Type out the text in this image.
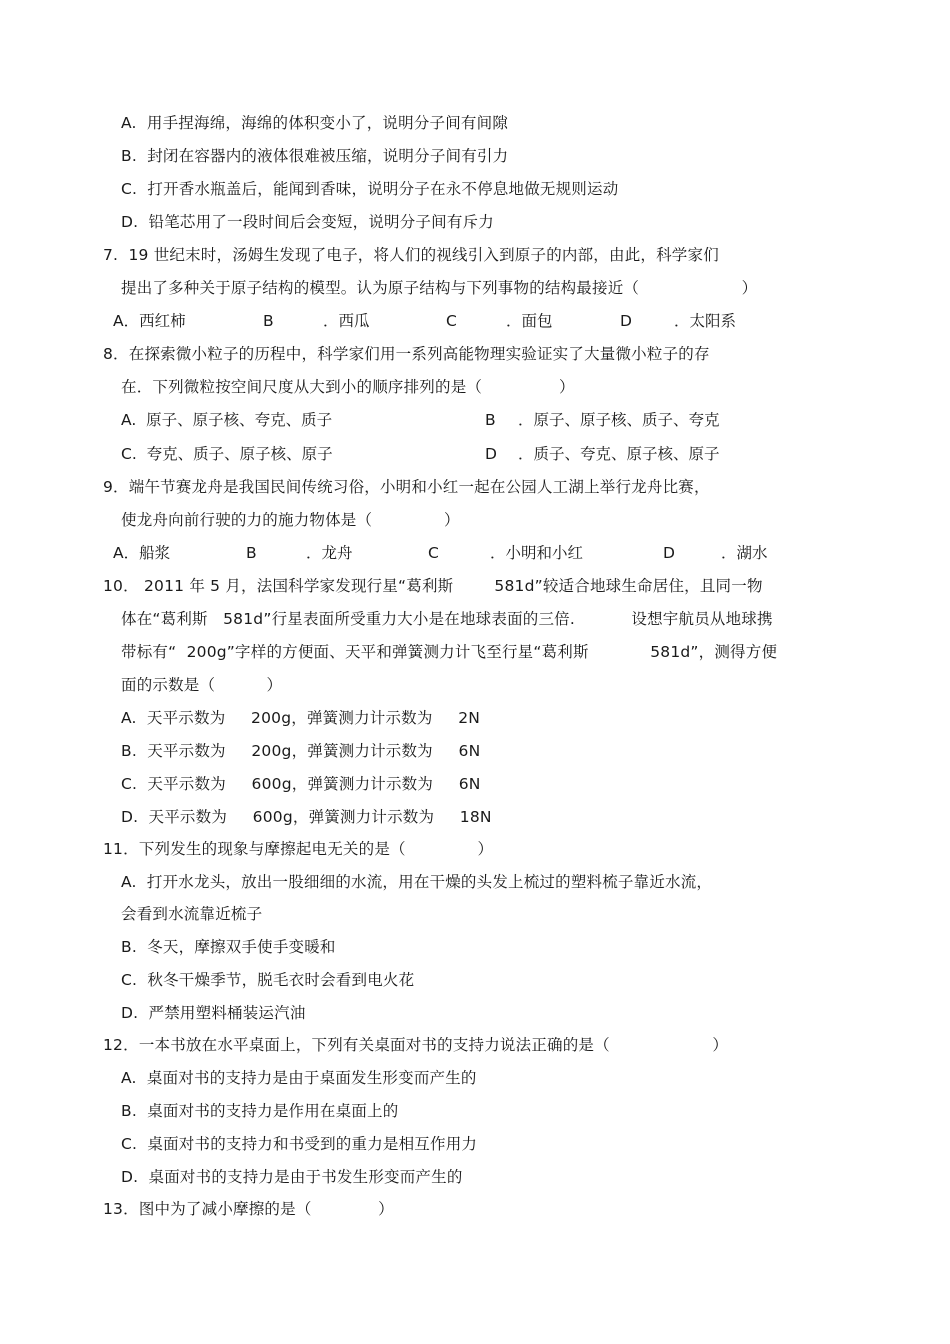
A.  用手捏海绵，海绵的体积变小了，说明分子间有间隙
B.  封闭在容器内的液体很难被压缩，说明分子间有引力
C.  打开香水瓶盖后，能闻到香味，说明分子在永不停息地做无规则运动
D.  铅笔芯用了一段时间后会变短，说明分子间有斥力
7.  19 世纪末时，汤姆生发现了电子，将人们的视线引入到原子的内部，由此，科学家们
提出了多种关于原子结构的模型。认为原子结构与下列事物的结构最接近（                    ）
A．西红柿	B	．西瓜	C	．面包	D	．太阳系
8．在探索微小粒子的历程中，科学家们用一系列高能物理实验证实了大量微小粒子的存
在．下列微粒按空间尺度从大到小的顺序排列的是（               ）
A.  原子、原子核、夸克、质子	B ．原子、原子核、质子、夸克
C.  夸克、质子、原子核、原子	D ．质子、夸克、原子核、原子
9．端午节赛龙舟是我国民间传统习俗，小明和小红一起在公园人工湖上举行龙舟比赛，
使龙舟向前行驶的力的施力物体是（              ）
A．船浆	B	．龙舟	C	．小明和小红	D	．湖水
10． 2011 年 5 月，法国科学家发现行星“葛利斯        581d”较适合地球生命居住，且同一物
体在“葛利斯   581d”行星表面所受重力大小是在地球表面的三倍.           设想宇航员从地球携
带标有“  200g”字样的方便面、天平和弹簧测力计飞至行星“葛利斯            581d”，测得方便
面的示数是（          ）
A.  天平示数为     200g，弹簧测力计示数为     2N
B.  天平示数为     200g，弹簧测力计示数为     6N
C.  天平示数为     600g，弹簧测力计示数为     6N
D.  天平示数为     600g，弹簧测力计示数为     18N
11．下列发生的现象与摩擦起电无关的是（              ）
A.  打开水龙头，放出一股细细的水流，用在干燥的头发上梳过的塑料梳子靠近水流，
会看到水流靠近梳子
B.  冬天，摩擦双手使手变暖和
C.  秋冬干燥季节，脱毛衣时会看到电火花
D.  严禁用塑料桶装运汽油
12．一本书放在水平桌面上，下列有关桌面对书的支持力说法正确的是（                    ）
A.  桌面对书的支持力是由于桌面发生形变而产生的
B.  桌面对书的支持力是作用在桌面上的
C.  桌面对书的支持力和书受到的重力是相互作用力
D.  桌面对书的支持力是由于书发生形变而产生的
13．图中为了减小摩擦的是（             ）
